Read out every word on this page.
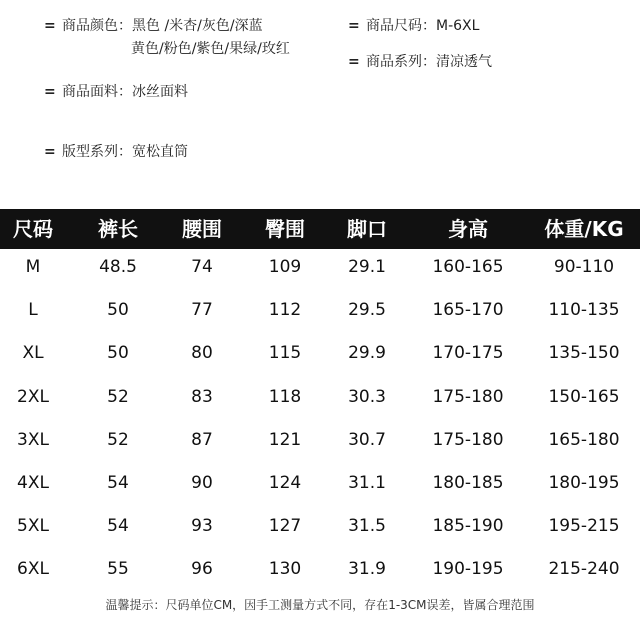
= 商品颜色：黑色 /米杏/灰色/深蓝
黄色/粉色/紫色/果绿/玫红
= 商品尺码：M-6XL
= 商品系列：清凉透气
= 商品面料：冰丝面料
= 版型系列：宽松直筒
尺码	裤长	腰围	臀围	脚口	身高	体重/KG
M	48.5	74	109	29.1	160-165	90-110
L	50	77	112	29.5	165-170	110-135
XL	50	80	115	29.9	170-175	135-150
2XL	52	83	118	30.3	175-180	150-165
3XL	52	87	121	30.7	175-180	165-180
4XL	54	90	124	31.1	180-185	180-195
5XL	54	93	127	31.5	185-190	195-215
6XL	55	96	130	31.9	190-195	215-240
温馨提示：尺码单位CM，因手工测量方式不同，存在1-3CM误差，皆属合理范围
